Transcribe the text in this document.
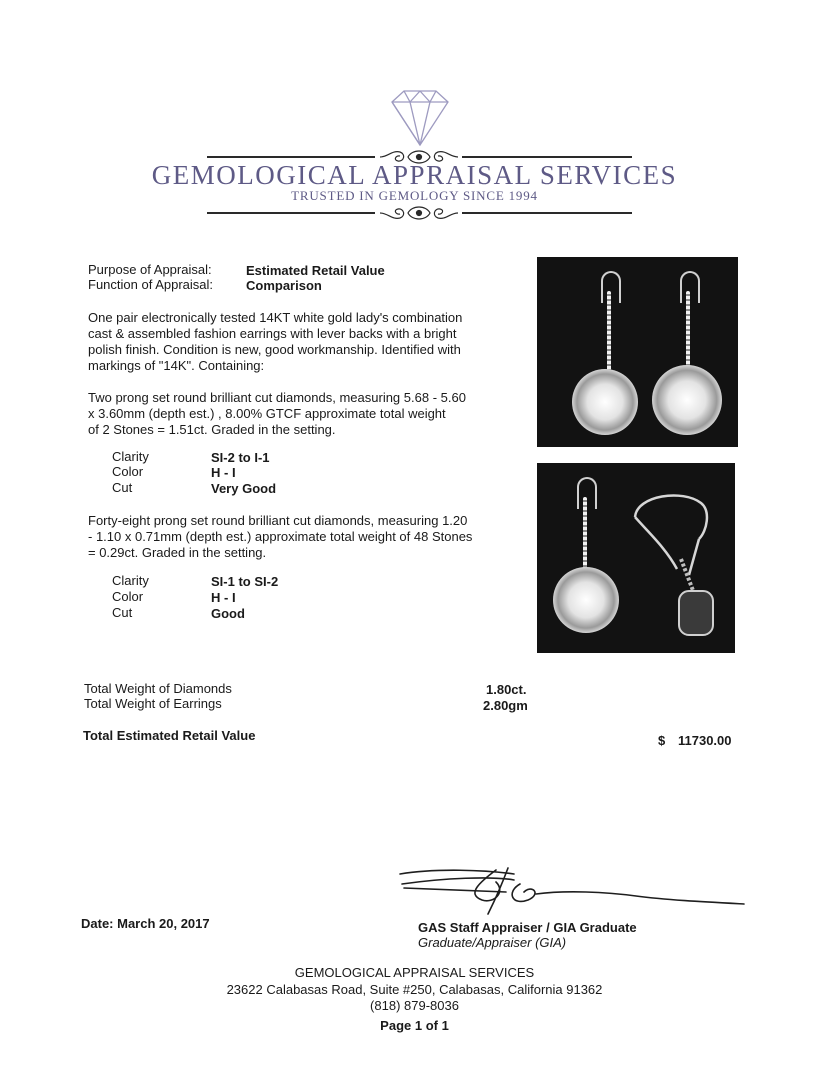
GEMOLOGICAL APPRAISAL SERVICES
TRUSTED IN GEMOLOGY SINCE 1994
Purpose of Appraisal:	Estimated Retail Value
Function of Appraisal:	Comparison
One pair electronically tested 14KT white gold lady's combination
cast & assembled fashion earrings with lever backs with a bright
polish finish. Condition is new, good workmanship. Identified with
markings of "14K". Containing:
Two prong set round brilliant cut diamonds, measuring 5.68 - 5.60
x 3.60mm (depth est.) , 8.00% GTCF approximate total weight
of 2 Stones = 1.51ct. Graded in the setting.
Clarity	SI-2 to I-1
Color	H - I
Cut	Very Good
Forty-eight prong set round brilliant cut diamonds, measuring 1.20
- 1.10 x 0.71mm (depth est.) approximate total weight of 48 Stones
= 0.29ct. Graded in the setting.
Clarity	SI-1 to SI-2
Color	H - I
Cut	Good
Total Weight of Diamonds	1.80ct.
Total Weight of Earrings	2.80gm
Total Estimated Retail Value	$ 11730.00
Date: March 20, 2017	GAS Staff Appraiser / GIA Graduate
Graduate/Appraiser (GIA)
GEMOLOGICAL APPRAISAL SERVICES
23622 Calabasas Road, Suite #250, Calabasas, California 91362
(818) 879-8036
Page 1 of 1
